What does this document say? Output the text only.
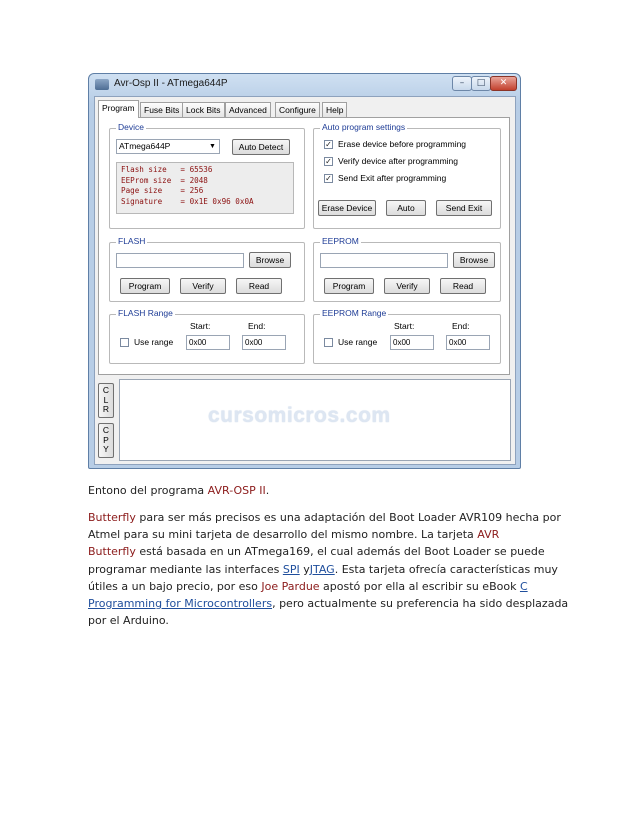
Avr-Osp II - ATmega644P	–	□	✕
Program	Fuse Bits Lock Bits	Advanced	Configure	Help
Device
ATmega644P	▼	Auto Detect
Flash size   = 65536
EEProm size  = 2048
Page size    = 256
Signature    = 0x1E 0x96 0x0A
Auto program settings
✓ Erase device before programming
✓ Verify device after programming
✓ Send Exit after programming
Erase Device	Auto	Send Exit
FLASH
Browse
Program	Verify	Read
EEPROM
Browse
Program	Verify	Read
FLASH Range
Use range
Start:	End:
0x00	0x00
EEPROM Range
Use range
Start:	End:
0x00	0x00
C
L
R
C
P
Y
cursomicros.com
Entono del programa AVR-OSP II.
Butterfly para ser más precisos es una adaptación del Boot Loader AVR109 hecha por
Atmel para su mini tarjeta de desarrollo del mismo nombre. La tarjeta AVR
Butterfly está basada en un ATmega169, el cual además del Boot Loader se puede
programar mediante las interfaces SPI yJTAG. Esta tarjeta ofrecía características muy
útiles a un bajo precio, por eso Joe Pardue apostó por ella al escribir su eBook C
Programming for Microcontrollers, pero actualmente su preferencia ha sido desplazada
por el Arduino.
